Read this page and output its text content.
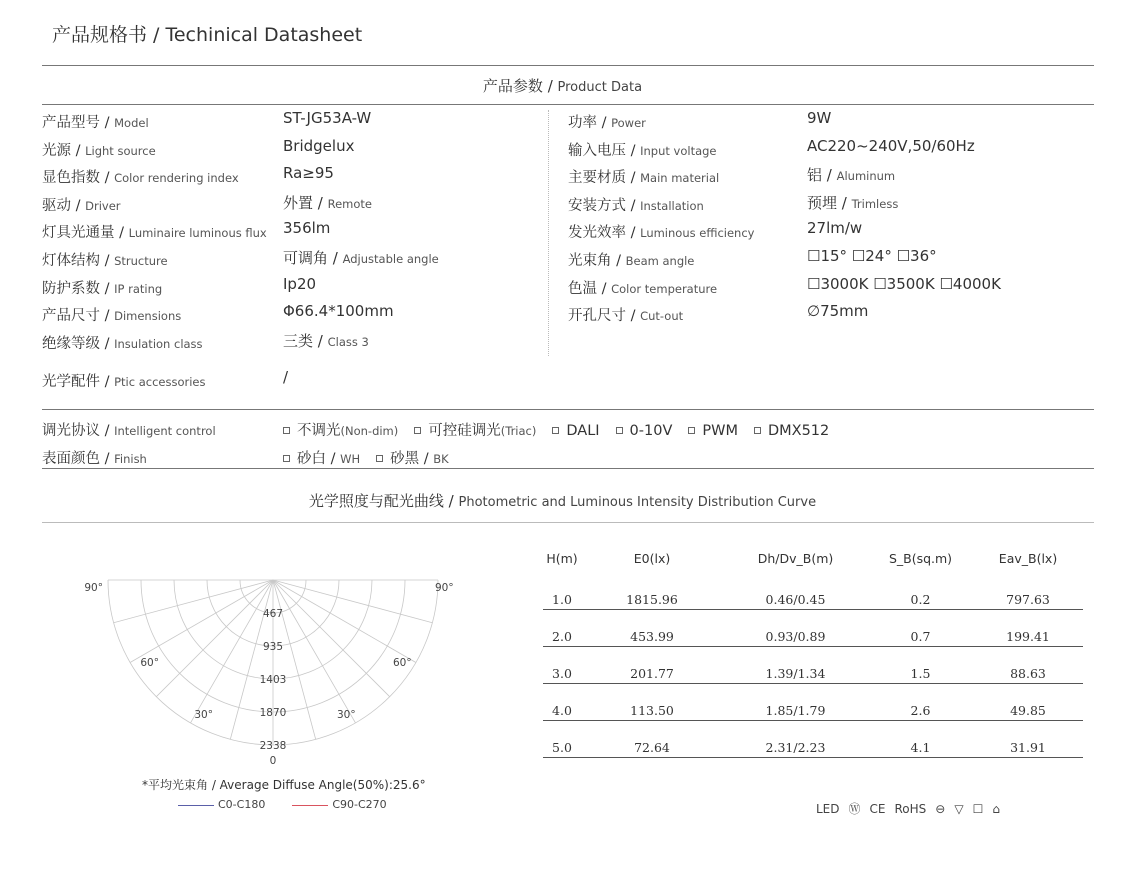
产品规格书 / Techinical Datasheet
产品参数 / Product Data
产品型号 / Model	ST-JG53A-W
光源 / Light source	Bridgelux
显色指数 / Color rendering index	Ra≥95
驱动 / Driver	外置 / Remote
灯具光通量 / Luminaire luminous flux 356lm
灯体结构 / Structure	可调角 / Adjustable angle
防护系数 / IP rating	Ip20
产品尺寸 / Dimensions	Φ66.4*100mm
绝缘等级 / Insulation class	三类 / Class 3
功率 / Power	9W
输入电压 / Input voltage	AC220~240V,50/60Hz
主要材质 / Main material	铝 / Aluminum
安装方式 / Installation	预埋 / Trimless
发光效率 / Luminous efficiency	27lm/w
光束角 / Beam angle	☐15° ☐24° ☐36°
色温 / Color temperature	☐3000K ☐3500K ☐4000K
开孔尺寸 / Cut-out	∅75mm
光学配件 / Ptic accessories	/
调光协议 / Intelligent control	不调光(Non-dim) 可控硅调光(Triac) DALI 0-10V PWM DMX512
表面颜色 / Finish	砂白 / WH 砂黑 / BK
光学照度与配光曲线 / Photometric and Luminous Intensity Distribution Curve
90°	90°
60°	60°
30°	30°
0
467
935
1403
1870
2338
*平均光束角 / Average Diffuse Angle(50%):25.6°
C0-C180	C90-C270
H(m)	E0(lx)	Dh/Dv_B(m)	S_B(sq.m)	Eav_B(lx)
1.0	1815.96	0.46/0.45	0.2	797.63
2.0	453.99	0.93/0.89	0.7	199.41
3.0	201.77	1.39/1.34	1.5	88.63
4.0	113.50	1.85/1.79	2.6	49.85
5.0	72.64	2.31/2.23	4.1	31.91
LED Ⓦ CE RoHS ⊖ ▽ ☐ ⌂
